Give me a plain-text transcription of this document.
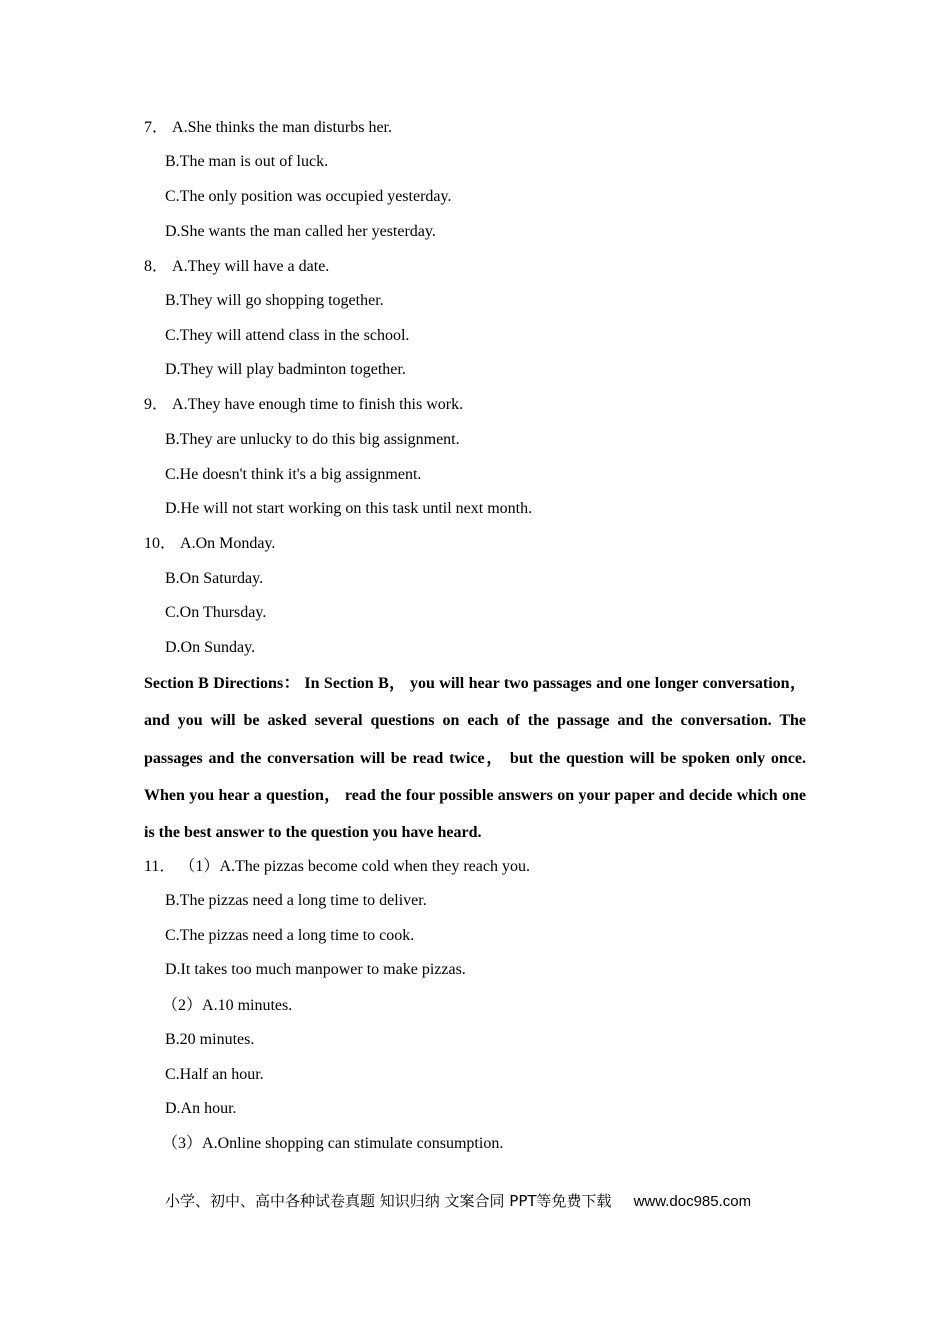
7． A.She thinks the man disturbs her.
B.The man is out of luck.
C.The only position was occupied yesterday.
D.She wants the man called her yesterday.
8． A.They will have a date.
B.They will go shopping together.
C.They will attend class in the school.
D.They will play badminton together.
9． A.They have enough time to finish this work.
B.They are unlucky to do this big assignment.
C.He doesn't think it's a big assignment.
D.He will not start working on this task until next month.
10． A.On Monday.
B.On Saturday.
C.On Thursday.
D.On Sunday.
Section B Directions： In Section B， you will hear two passages and one longer conversation， and you will be asked several questions on each of the passage and the conversation. The passages and the conversation will be read twice， but the question will be spoken only once. When you hear a question， read the four possible answers on your paper and decide which one is the best answer to the question you have heard.
11． （1）A.The pizzas become cold when they reach you.
B.The pizzas need a long time to deliver.
C.The pizzas need a long time to cook.
D.It takes too much manpower to make pizzas.
（2）A.10 minutes.
B.20 minutes.
C.Half an hour.
D.An hour.
（3）A.Online shopping can stimulate consumption.
小学、初中、高中各种试卷真题 知识归纳 文案合同 PPT等免费下载 www.doc985.com
